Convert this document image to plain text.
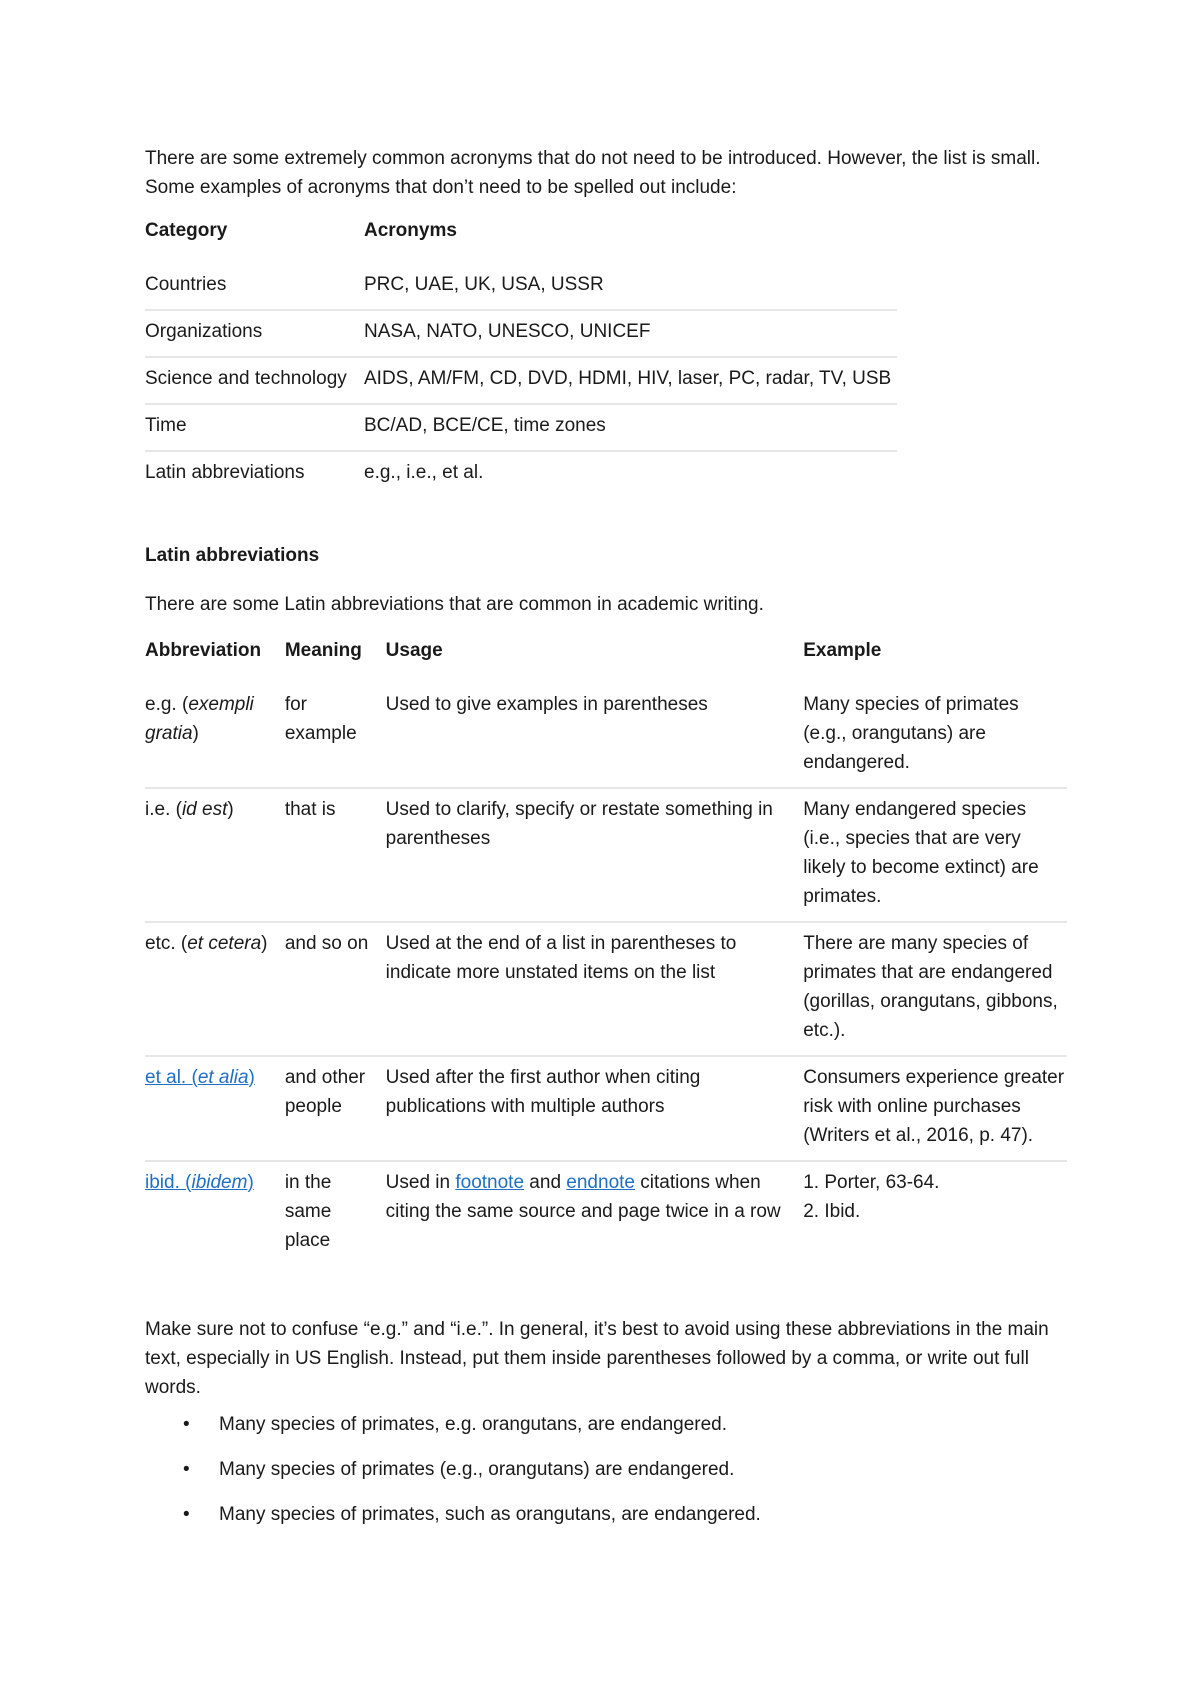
There are some extremely common acronyms that do not need to be introduced. However, the list is small. Some examples of acronyms that don’t need to be spelled out include:

Category	Acronyms
Countries	PRC, UAE, UK, USA, USSR
Organizations	NASA, NATO, UNESCO, UNICEF
Science and technology	AIDS, AM/FM, CD, DVD, HDMI, HIV, laser, PC, radar, TV, USB
Time	BC/AD, BCE/CE, time zones
Latin abbreviations	e.g., i.e., et al.
Latin abbreviations

There are some Latin abbreviations that are common in academic writing.

Abbreviation	Meaning	Usage	Example
e.g. (exempli gratia)	for example	Used to give examples in parentheses	Many species of primates (e.g., orangutans) are endangered.
i.e. (id est)	that is	Used to clarify, specify or restate something in parentheses	Many endangered species (i.e., species that are very likely to become extinct) are primates.
etc. (et cetera)	and so on	Used at the end of a list in parentheses to indicate more unstated items on the list	There are many species of primates that are endangered (gorillas, orangutans, gibbons, etc.).
et al. (et alia)	and other people	Used after the first author when citing publications with multiple authors	Consumers experience greater risk with online purchases (Writers et al., 2016, p. 47).
ibid. (ibidem)	in the same place	Used in footnote and endnote citations when citing the same source and page twice in a row	1. Porter, 63-64.
2. Ibid.

Make sure not to confuse “e.g.” and “i.e.”. In general, it’s best to avoid using these abbreviations in the main text, especially in US English. Instead, put them inside parentheses followed by a comma, or write out full words.

• Many species of primates, e.g. orangutans, are endangered.
• Many species of primates (e.g., orangutans) are endangered.
• Many species of primates, such as orangutans, are endangered.
